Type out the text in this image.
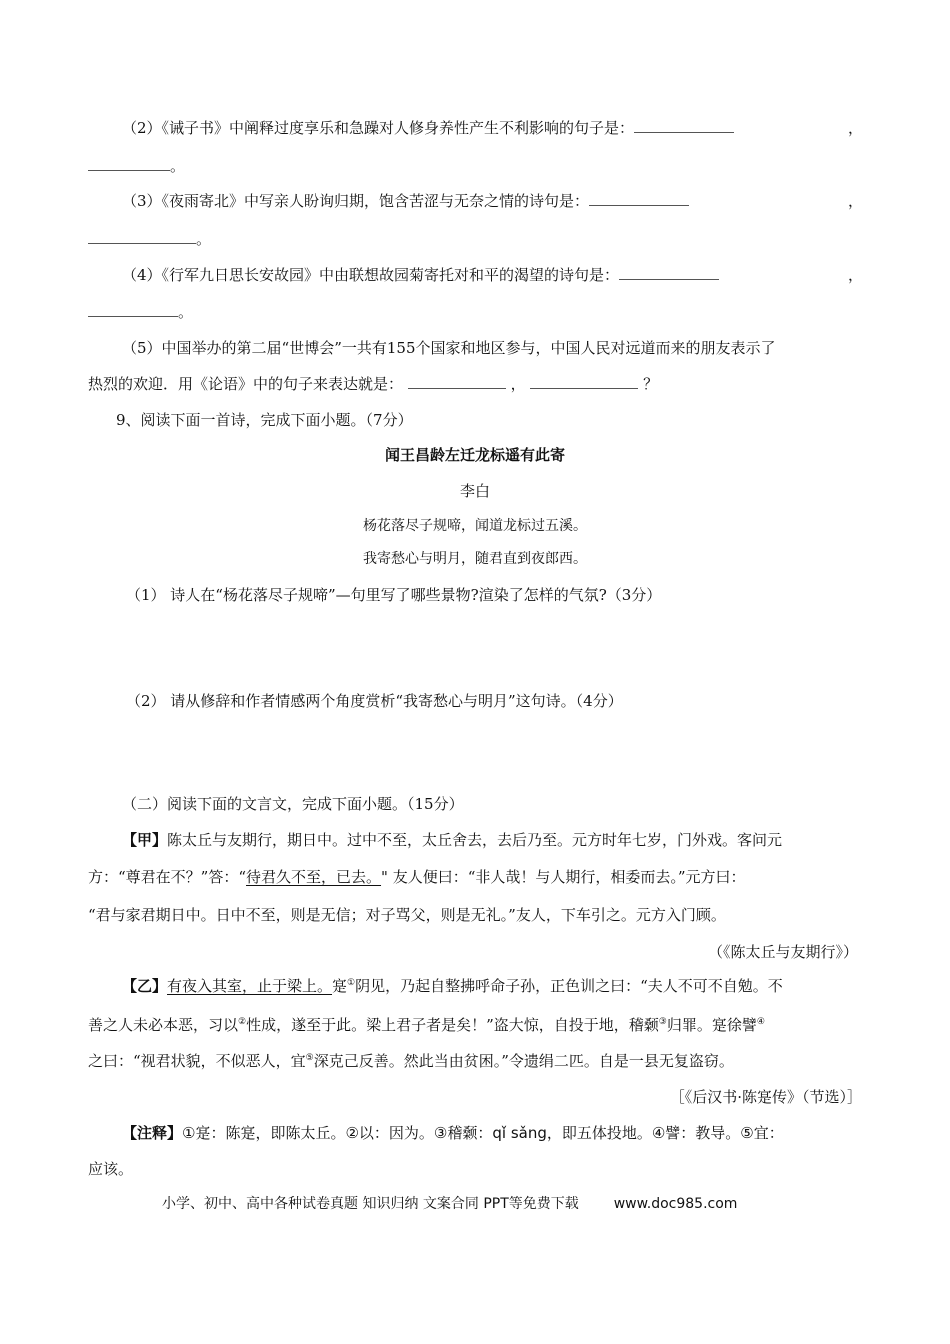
（2）《诫子书》中阐释过度享乐和急躁对人修身养性产生不利影响的句子是：	，
。
（3）《夜雨寄北》中写亲人盼询归期，饱含苦涩与无奈之情的诗句是：	，
。
（4）《行军九日思长安故园》中由联想故园菊寄托对和平的渴望的诗句是：	，
。
（5）中国举办的第二届“世博会”一共有155个国家和地区参与，中国人民对远道而来的朋友表示了
热烈的欢迎．用《论语》中的句子来表达就是：	，	？
9、阅读下面一首诗，完成下面小题。（7分）
闻王昌龄左迁龙标遥有此寄
李白
杨花落尽子规啼，闻道龙标过五溪。
我寄愁心与明月，随君直到夜郎西。
（1） 诗人在“杨花落尽子规啼”—句里写了哪些景物?渲染了怎样的气氛?（3分）
（2） 请从修辞和作者情感两个角度赏析“我寄愁心与明月”这句诗。（4分）
（二）阅读下面的文言文，完成下面小题。（15分）
【甲】陈太丘与友期行，期日中。过中不至，太丘舍去，去后乃至。元方时年七岁，门外戏。客问元
方：“尊君在不？”答：“待君久不至，已去。" 友人便曰：“非人哉！与人期行，相委而去。”元方曰：
“君与家君期日中。日中不至，则是无信；对子骂父，则是无礼。”友人，下车引之。元方入门顾。
（《陈太丘与友期行》）
【乙】有夜入其室，止于梁上。寔①阴见，乃起自整拂呼命子孙，正色训之曰：“夫人不可不自勉。不
善之人未必本恶，习以②性成，遂至于此。梁上君子者是矣！”盗大惊，自投于地，稽颡③归罪。寔徐譬④
之曰：“视君状貌，不似恶人，宜⑤深克己反善。然此当由贫困。”令遗绢二匹。自是一县无复盗窃。
［《后汉书·陈寔传》（节选）］
【注释】①寔：陈寔，即陈太丘。②以：因为。③稽颡：qǐ sǎng，即五体投地。④譬：教导。⑤宜：
应该。
小学、初中、高中各种试卷真题 知识归纳 文案合同 PPT等免费下载 www.doc985.com
